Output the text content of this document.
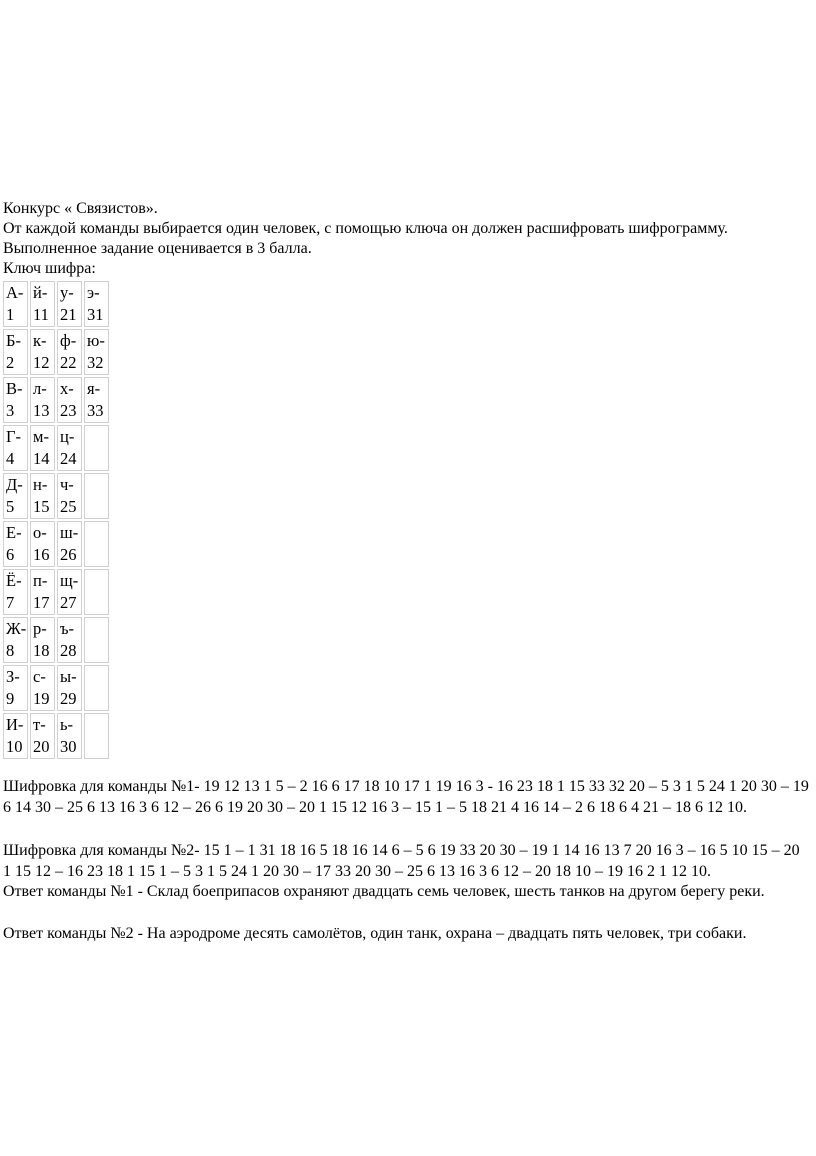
Конкурс « Связистов».
От каждой команды выбирается один человек, с помощью ключа он должен расшифровать шифрограмму.
Выполненное задание оценивается в 3 балла.
Ключ шифра:
А-
1	й-
11	у-
21	э-
31

Б-
2	к-
12	ф-
22	ю-
32

В-
3	л-
13	х-
23	я-
33

Г-
4	м-
14	ц-
24	

Д-
5	н-
15	ч-
25	

Е-
6	о-
16	ш-
26	

Ё-
7	п-
17	щ-
27	

Ж-
8	р-
18	ъ-
28	

З-
9	с-
19	ы-
29	

И-
10	т-
20	ь-
30	

Шифровка для команды №1- 19 12 13 1 5 – 2 16 6 17 18 10 17 1 19 16 3 - 16 23 18 1 15 33 32 20 – 5 3 1 5 24 1 20 30 – 19 6 14 30 – 25 6 13 16 3 6 12 – 26 6 19 20 30 – 20 1 15 12 16 3 – 15 1 – 5 18 21 4 16 14 – 2 6 18 6 4 21 – 18 6 12 10.
Шифровка для команды №2- 15 1 – 1 31 18 16 5 18 16 14 6 – 5 6 19 33 20 30 – 19 1 14 16 13 7 20 16 3 – 16 5 10 15 – 20 1 15 12 – 16 23 18 1 15 1 – 5 3 1 5 24 1 20 30 – 17 33 20 30 – 25 6 13 16 3 6 12 – 20 18 10 – 19 16 2 1 12 10.
Ответ команды №1 - Склад боеприпасов охраняют двадцать семь человек, шесть танков на другом берегу реки.
Ответ команды №2 - На аэродроме десять самолётов, один танк, охрана – двадцать пять человек, три собаки.
